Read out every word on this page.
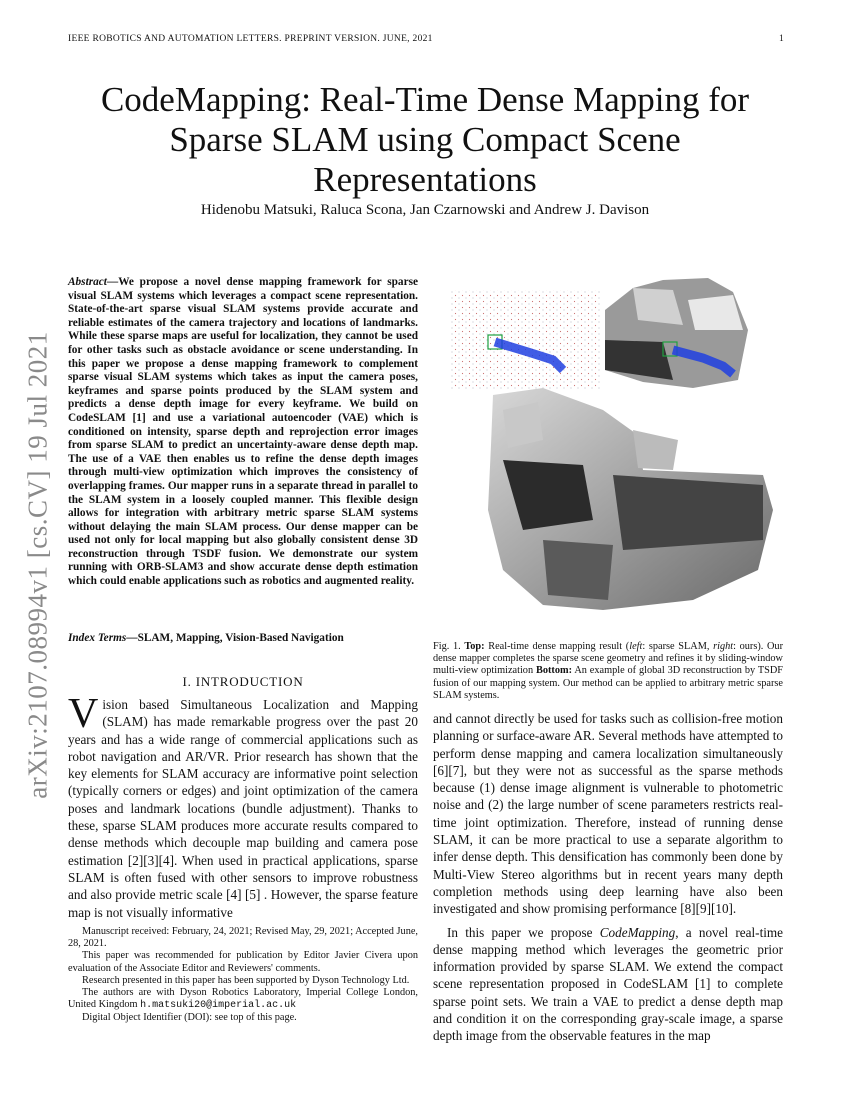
IEEE ROBOTICS AND AUTOMATION LETTERS. PREPRINT VERSION. JUNE, 2021	1
arXiv:2107.08994v1 [cs.CV] 19 Jul 2021
CodeMapping: Real-Time Dense Mapping for Sparse SLAM using Compact Scene Representations
Hidenobu Matsuki, Raluca Scona, Jan Czarnowski and Andrew J. Davison
Abstract—We propose a novel dense mapping framework for sparse visual SLAM systems which leverages a compact scene representation. State-of-the-art sparse visual SLAM systems provide accurate and reliable estimates of the camera trajectory and locations of landmarks. While these sparse maps are useful for localization, they cannot be used for other tasks such as obstacle avoidance or scene understanding. In this paper we propose a dense mapping framework to complement sparse visual SLAM systems which takes as input the camera poses, keyframes and sparse points produced by the SLAM system and predicts a dense depth image for every keyframe. We build on CodeSLAM [1] and use a variational autoencoder (VAE) which is conditioned on intensity, sparse depth and reprojection error images from sparse SLAM to predict an uncertainty-aware dense depth map. The use of a VAE then enables us to refine the dense depth images through multi-view optimization which improves the consistency of overlapping frames. Our mapper runs in a separate thread in parallel to the SLAM system in a loosely coupled manner. This flexible design allows for integration with arbitrary metric sparse SLAM systems without delaying the main SLAM process. Our dense mapper can be used not only for local mapping but also globally consistent dense 3D reconstruction through TSDF fusion. We demonstrate our system running with ORB-SLAM3 and show accurate dense depth estimation which could enable applications such as robotics and augmented reality.
Index Terms—SLAM, Mapping, Vision-Based Navigation
I. INTRODUCTION
Vision based Simultaneous Localization and Mapping (SLAM) has made remarkable progress over the past 20 years and has a wide range of commercial applications such as robot navigation and AR/VR. Prior research has shown that the key elements for SLAM accuracy are informative point selection (typically corners or edges) and joint optimization of the camera poses and landmark locations (bundle adjustment). Thanks to these, sparse SLAM produces more accurate results compared to dense methods which decouple map building and camera pose estimation [2][3][4]. When used in practical applications, sparse SLAM is often fused with other sensors to improve robustness and also provide metric scale [4] [5] . However, the sparse feature map is not visually informative

Manuscript received: February, 24, 2021; Revised May, 29, 2021; Accepted June, 28, 2021.

This paper was recommended for publication by Editor Javier Civera upon evaluation of the Associate Editor and Reviewers' comments.

Research presented in this paper has been supported by Dyson Technology Ltd.

The authors are with Dyson Robotics Laboratory, Imperial College London, United Kingdom h.matsuki20@imperial.ac.uk

Digital Object Identifier (DOI): see top of this page.

Fig. 1. Top: Real-time dense mapping result (left: sparse SLAM, right: ours). Our dense mapper completes the sparse scene geometry and refines it by sliding-window multi-view optimization Bottom: An example of global 3D reconstruction by TSDF fusion of our mapping system. Our method can be applied to arbitrary metric sparse SLAM systems.

and cannot directly be used for tasks such as collision-free motion planning or surface-aware AR. Several methods have attempted to perform dense mapping and camera localization simultaneously [6][7], but they were not as successful as the sparse methods because (1) dense image alignment is vulnerable to photometric noise and (2) the large number of scene parameters restricts real-time joint optimization. Therefore, instead of running dense SLAM, it can be more practical to use a separate algorithm to infer dense depth. This densification has commonly been done by Multi-View Stereo algorithms but in recent years many depth completion methods using deep learning have also been investigated and show promising performance [8][9][10].

In this paper we propose CodeMapping, a novel real-time dense mapping method which leverages the geometric prior information provided by sparse SLAM. We extend the compact scene representation proposed in CodeSLAM [1] to complete sparse point sets. We train a VAE to predict a dense depth map and condition it on the corresponding gray-scale image, a sparse depth image from the observable features in the map
